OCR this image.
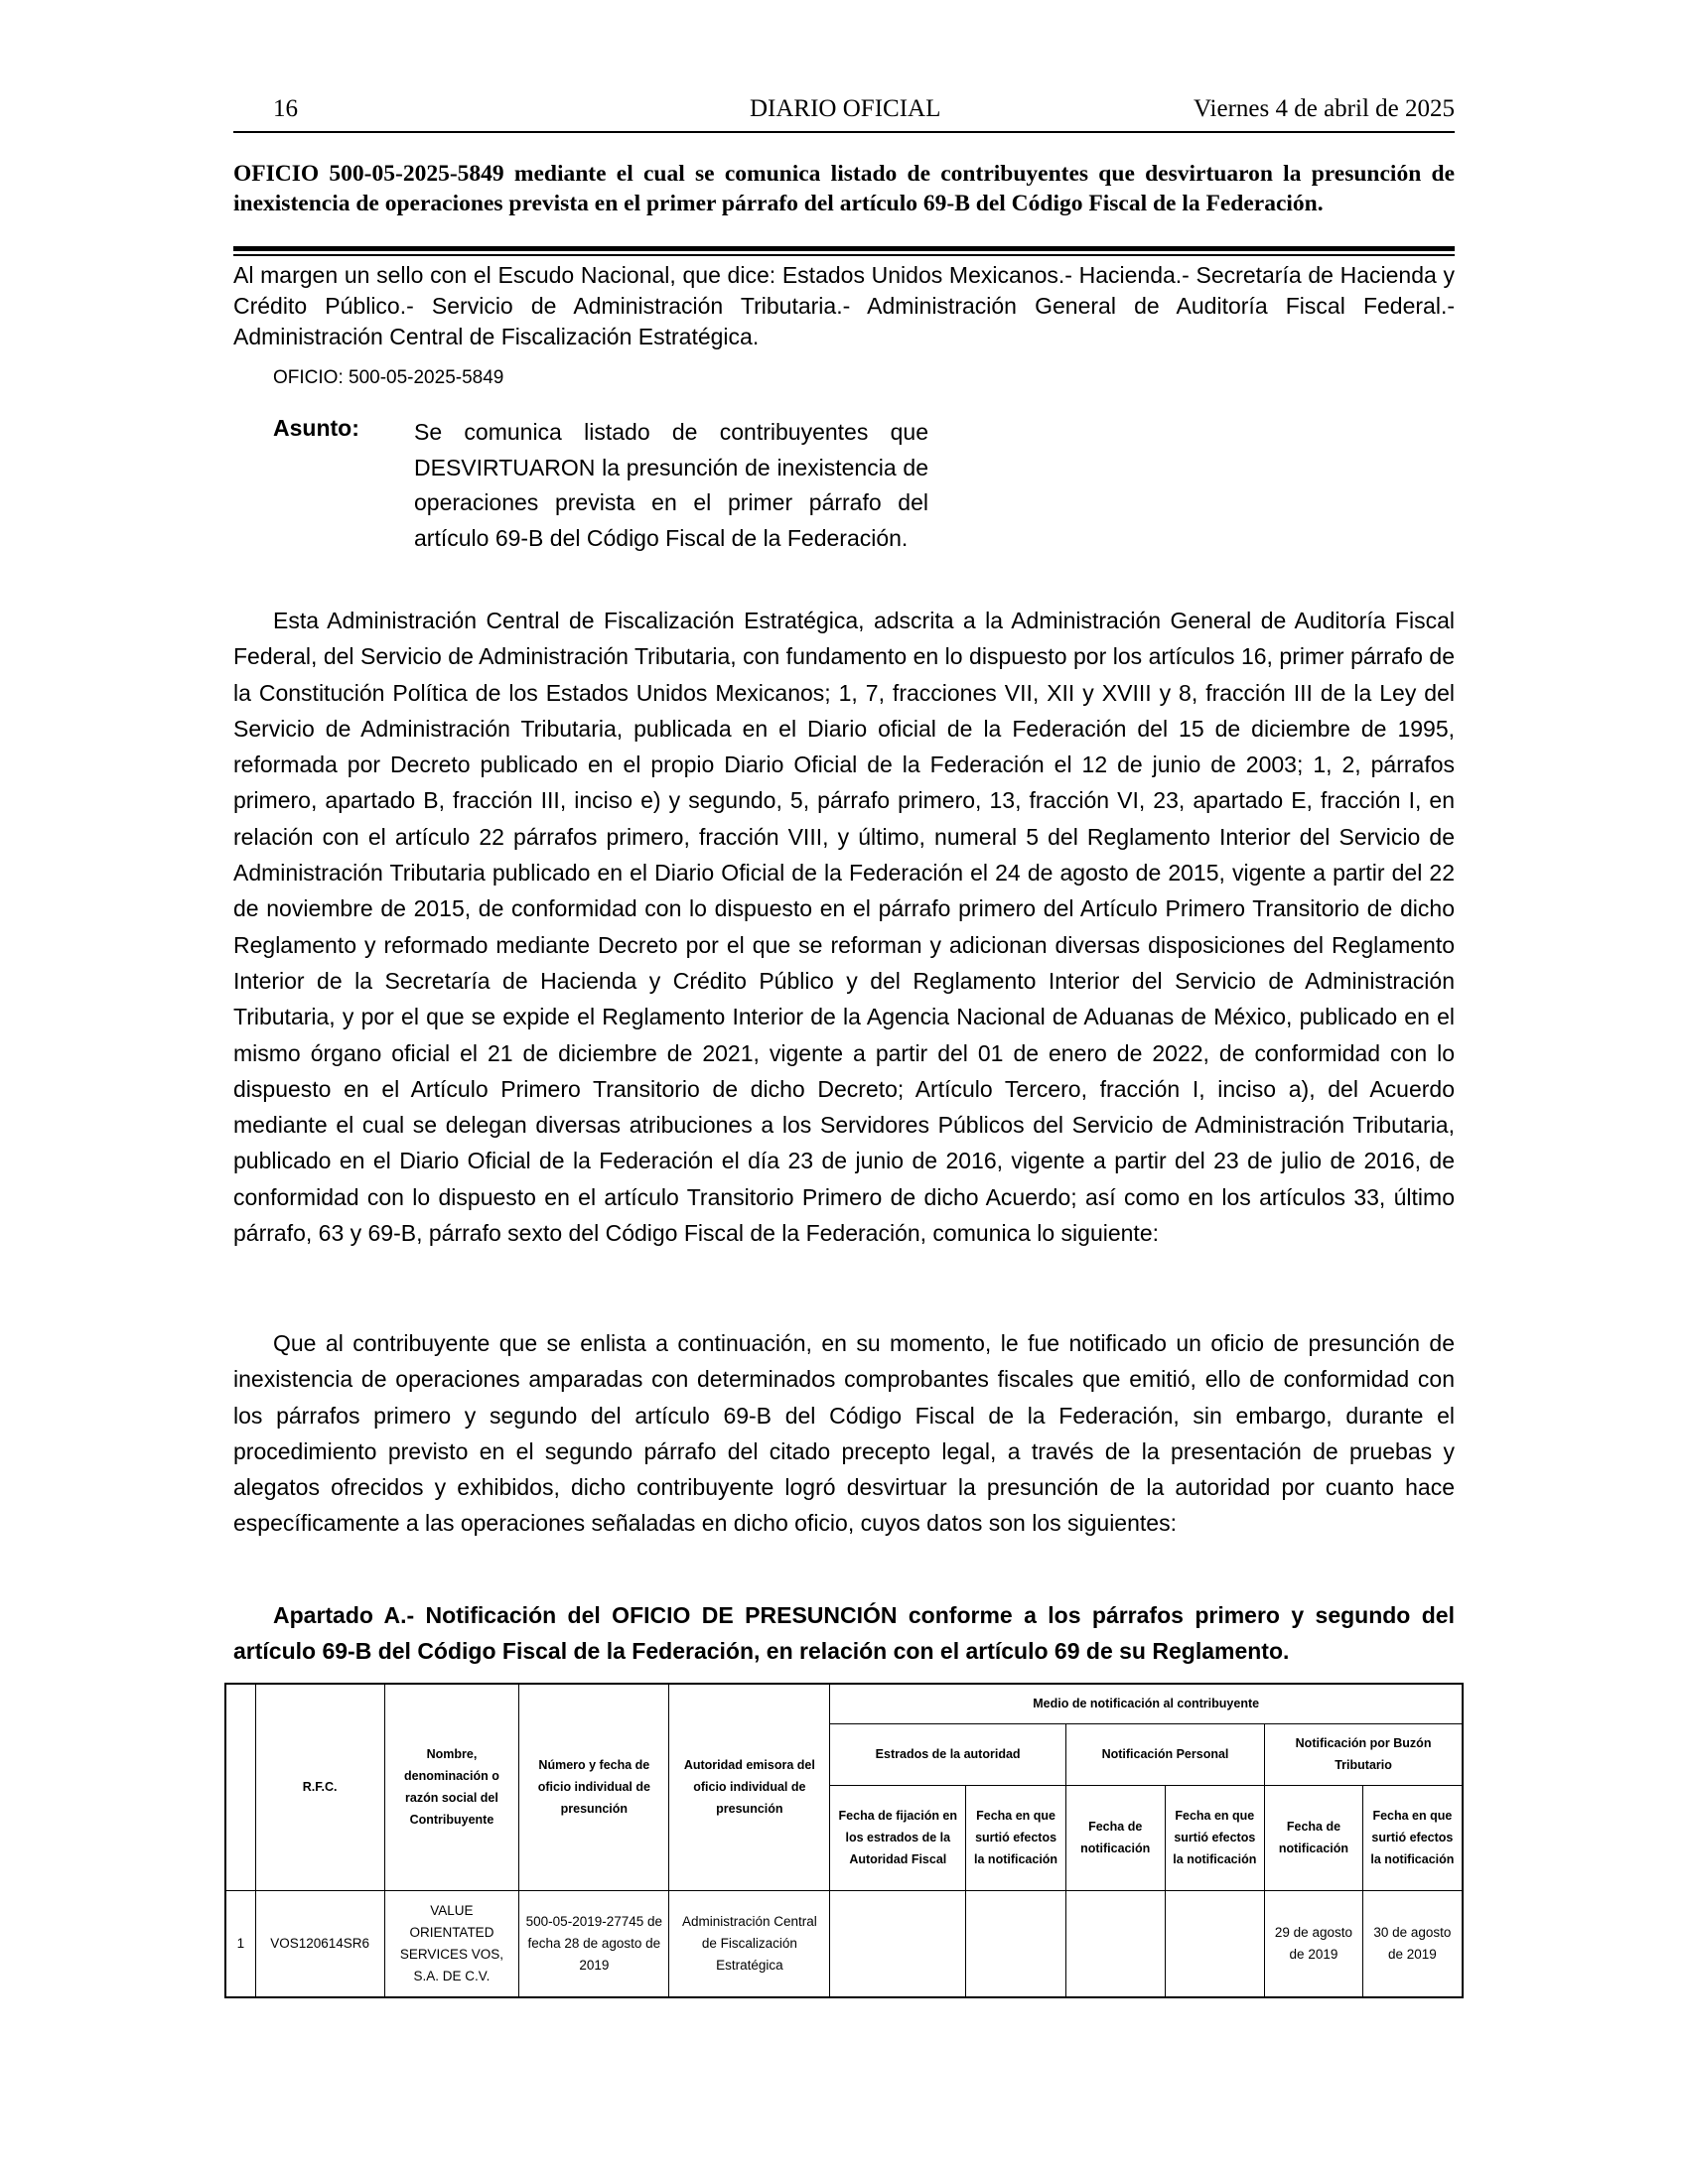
16	DIARIO OFICIAL	Viernes 4 de abril de 2025
OFICIO 500-05-2025-5849 mediante el cual se comunica listado de contribuyentes que desvirtuaron la presunción de inexistencia de operaciones prevista en el primer párrafo del artículo 69-B del Código Fiscal de la Federación.
Al margen un sello con el Escudo Nacional, que dice: Estados Unidos Mexicanos.- Hacienda.- Secretaría de Hacienda y Crédito Público.- Servicio de Administración Tributaria.- Administración General de Auditoría Fiscal Federal.- Administración Central de Fiscalización Estratégica.
OFICIO: 500-05-2025-5849
Asunto: Se comunica listado de contribuyentes que DESVIRTUARON la presunción de inexistencia de operaciones prevista en el primer párrafo del artículo 69-B del Código Fiscal de la Federación.
Esta Administración Central de Fiscalización Estratégica, adscrita a la Administración General de Auditoría Fiscal Federal, del Servicio de Administración Tributaria, con fundamento en lo dispuesto por los artículos 16, primer párrafo de la Constitución Política de los Estados Unidos Mexicanos; 1, 7, fracciones VII, XII y XVIII y 8, fracción III de la Ley del Servicio de Administración Tributaria, publicada en el Diario oficial de la Federación del 15 de diciembre de 1995, reformada por Decreto publicado en el propio Diario Oficial de la Federación el 12 de junio de 2003; 1, 2, párrafos primero, apartado B, fracción III, inciso e) y segundo, 5, párrafo primero, 13, fracción VI, 23, apartado E, fracción I, en relación con el artículo 22 párrafos primero, fracción VIII, y último, numeral 5 del Reglamento Interior del Servicio de Administración Tributaria publicado en el Diario Oficial de la Federación el 24 de agosto de 2015, vigente a partir del 22 de noviembre de 2015, de conformidad con lo dispuesto en el párrafo primero del Artículo Primero Transitorio de dicho Reglamento y reformado mediante Decreto por el que se reforman y adicionan diversas disposiciones del Reglamento Interior de la Secretaría de Hacienda y Crédito Público y del Reglamento Interior del Servicio de Administración Tributaria, y por el que se expide el Reglamento Interior de la Agencia Nacional de Aduanas de México, publicado en el mismo órgano oficial el 21 de diciembre de 2021, vigente a partir del 01 de enero de 2022, de conformidad con lo dispuesto en el Artículo Primero Transitorio de dicho Decreto; Artículo Tercero, fracción I, inciso a), del Acuerdo mediante el cual se delegan diversas atribuciones a los Servidores Públicos del Servicio de Administración Tributaria, publicado en el Diario Oficial de la Federación el día 23 de junio de 2016, vigente a partir del 23 de julio de 2016, de conformidad con lo dispuesto en el artículo Transitorio Primero de dicho Acuerdo; así como en los artículos 33, último párrafo, 63 y 69-B, párrafo sexto del Código Fiscal de la Federación, comunica lo siguiente:
Que al contribuyente que se enlista a continuación, en su momento, le fue notificado un oficio de presunción de inexistencia de operaciones amparadas con determinados comprobantes fiscales que emitió, ello de conformidad con los párrafos primero y segundo del artículo 69-B del Código Fiscal de la Federación, sin embargo, durante el procedimiento previsto en el segundo párrafo del citado precepto legal, a través de la presentación de pruebas y alegatos ofrecidos y exhibidos, dicho contribuyente logró desvirtuar la presunción de la autoridad por cuanto hace específicamente a las operaciones señaladas en dicho oficio, cuyos datos son los siguientes:
Apartado A.- Notificación del OFICIO DE PRESUNCIÓN conforme a los párrafos primero y segundo del artículo 69-B del Código Fiscal de la Federación, en relación con el artículo 69 de su Reglamento.
	R.F.C.	Nombre, denominación o razón social del Contribuyente	Número y fecha de oficio individual de presunción	Autoridad emisora del oficio individual de presunción	Medio de notificación al contribuyente					
					Estrados de la autoridad		Notificación Personal		Notificación por Buzón Tributario	
					Fecha de fijación en los estrados de la Autoridad Fiscal	Fecha en que surtió efectos la notificación	Fecha de notificación	Fecha en que surtió efectos la notificación	Fecha de notificación	Fecha en que surtió efectos la notificación
1	VOS120614SR6	VALUE ORIENTATED SERVICES VOS, S.A. DE C.V.	500-05-2019-27745 de fecha 28 de agosto de 2019	Administración Central de Fiscalización Estratégica					29 de agosto de 2019	30 de agosto de 2019
